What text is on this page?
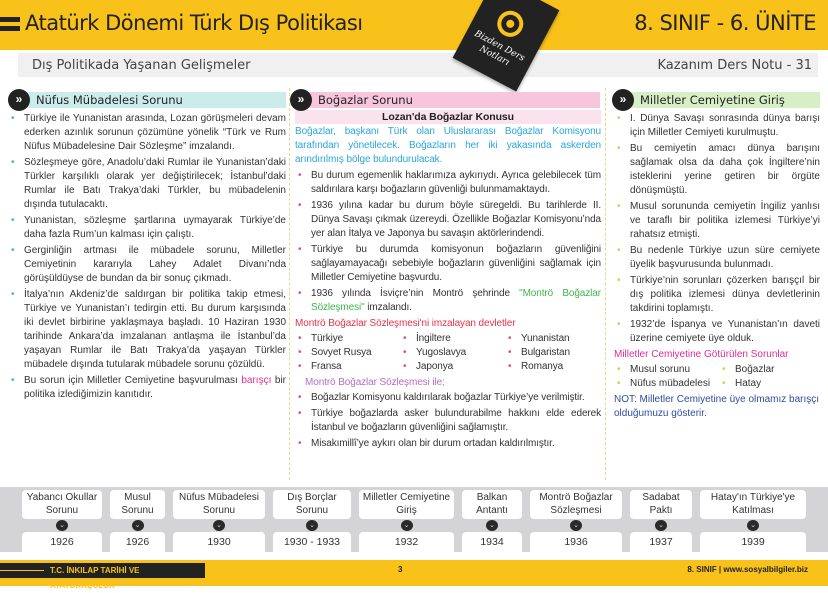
Atatürk Dönemi Türk Dış Politikası	8. SINIF - 6. ÜNİTE
Dış Politikada Yaşanan Gelişmeler	Kazanım Ders Notu - 31
Bizden Ders Notları
»	Nüfus Mübadelesi Sorunu	»	Boğazlar Sorunu	»	Milletler Cemiyetine Giriş
• Türkiye ile Yunanistan arasında, Lozan görüşmeleri devam ederken azınlık sorunun çözümüne yönelik “Türk ve Rum Nüfus Mübadelesine Dair Sözleşme” imzalandı.
• Sözleşmeye göre, Anadolu’daki Rumlar ile Yunanistan’daki Türkler karşılıklı olarak yer değiştirilecek; İstanbul’daki Rumlar ile Batı Trakya’daki Türkler, bu mübadelenin dışında tutulacaktı.
• Yunanistan, sözleşme şartlarına uymayarak Türkiye’de daha fazla Rum’un kalması için çalıştı.
• Gerginliğin artması ile mübadele sorunu, Milletler Cemiyetinin kararıyla Lahey Adalet Divanı’nda görüşüldüyse de bundan da bir sonuç çıkmadı.
• İtalya’nın Akdeniz’de saldırgan bir politika takip etmesi, Türkiye ve Yunanistan’ı tedirgin etti. Bu durum karşısında iki devlet birbirine yaklaşmaya başladı. 10 Haziran 1930 tarihinde Ankara’da imzalanan antlaşma ile İstanbul’da yaşayan Rumlar ile Batı Trakya’da yaşayan Türkler mübadele dışında tutularak mübadele sorunu çözüldü.
• Bu sorun için Milletler Cemiyetine başvurulması barışçı bir politika izlediğimizin kanıtıdır.
Lozan'da Boğazlar Konusu
Boğazlar, başkanı Türk olan Uluslararası Boğazlar Komisyonu tarafından yönetilecek. Boğazların her iki yakasında askerden arındırılmış bölge bulundurulacak.
• Bu durum egemenlik haklarımıza aykırıydı. Ayrıca gelebilecek tüm saldırılara karşı boğazların güvenliği bulunmamaktaydı.
• 1936 yılına kadar bu durum böyle süregeldi. Bu tarihlerde II. Dünya Savaşı çıkmak üzereydi. Özellikle Boğazlar Komisyonu’nda yer alan İtalya ve Japonya bu savaşın aktörlerindendi.
• Türkiye bu durumda komisyonun boğazların güvenliğini sağlayamayacağı sebebiyle boğazların güvenliğini sağlamak için Milletler Cemiyetine başvurdu.
• 1936 yılında İsviçre’nin Montrö şehrinde "Montrö Boğazlar Sözleşmesi" imzalandı.
Montrö Boğazlar Sözleşmesi'ni imzalayan devletler
• Türkiye	• İngiltere	• Yunanistan
• Sovyet Rusya	• Yugoslavya	• Bulgaristan
• Fransa	• Japonya	• Romanya
Montrö Boğazlar Sözleşmesi ile;
• Boğazlar Komisyonu kaldırılarak boğazlar Türkiye’ye verilmiştir.
• Türkiye boğazlarda asker bulundurabilme hakkını elde ederek İstanbul ve boğazların güvenliğini sağlamıştır.
• Misakımillî’ye aykırı olan bir durum ortadan kaldırılmıştır.
• I. Dünya Savaşı sonrasında dünya barışı için Milletler Cemiyeti kurulmuştu.
• Bu cemiyetin amacı dünya barışını sağlamak olsa da daha çok İngiltere’nin isteklerini yerine getiren bir örgüte dönüşmüştü.
• Musul sorununda cemiyetin İngiliz yanlısı ve taraflı bir politika izlemesi Türkiye’yi rahatsız etmişti.
• Bu nedenle Türkiye uzun süre cemiyete üyelik başvurusunda bulunmadı.
• Türkiye’nin sorunları çözerken barışçıl bir dış politika izlemesi dünya devletlerinin takdirini toplamıştı.
• 1932’de İspanya ve Yunanistan’ın daveti üzerine cemiyete üye olduk.
Milletler Cemiyetine Götürülen Sorunlar
• Musul sorunu	• Boğazlar
• Nüfus mübadelesi	• Hatay
NOT: Milletler Cemiyetine üye olmamız barışçı olduğumuzu gösterir.
Yabancı Okullar Sorunu
⌄
1926
Musul Sorunu
⌄
1926
Nüfus Mübadelesi Sorunu
⌄
1930
Dış Borçlar Sorunu
⌄
1930 - 1933
Milletler Cemiyetine Giriş
⌄
1932
Balkan Antantı
⌄
1934
Montrö Boğazlar Sözleşmesi
⌄
1936
Sadabat Paktı
⌄
1937
Hatay'ın Türkiye'ye Katılması
⌄
1939
T.C. İNKILAP TARİHİ VE ATATÜRKÇÜLÜK
3	8. SINIF | www.sosyalbilgiler.biz
